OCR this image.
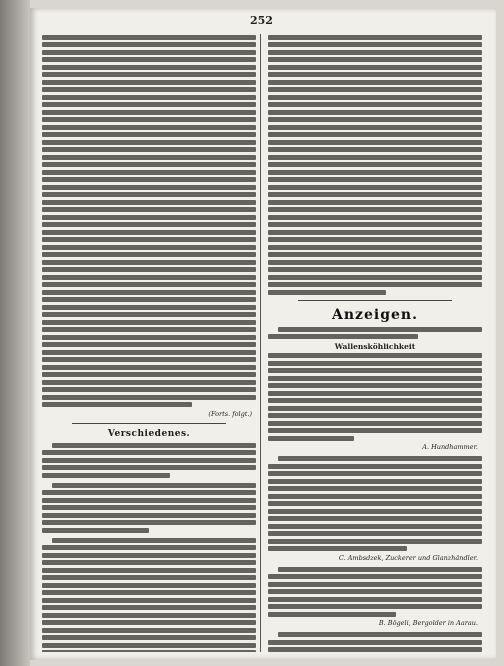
252
(Forts. folgt.)
Verschiedenes.
Anzeigen.
Wallensköhlichkeit
A. Hundhammer.
C. Ambsdzek, Zuckerer und Glanzhändler.
B. Bögeli, Bergolder in Aarau.
